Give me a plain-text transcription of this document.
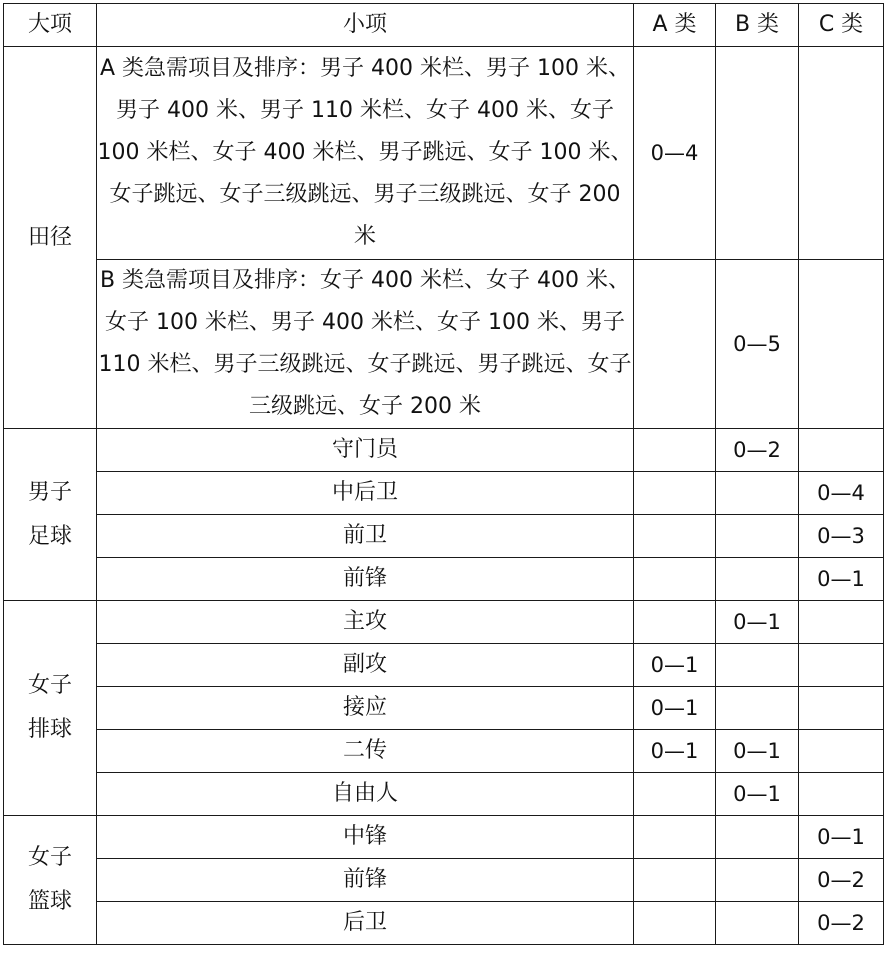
大项	小项	A 类	B 类	C 类
田径	A 类急需项目及排序：男子 400 米栏、男子 100 米、男子 400 米、男子 110 米栏、女子 400 米、女子 100 米栏、女子 400 米栏、男子跳远、女子 100 米、女子跳远、女子三级跳远、男子三级跳远、女子 200 米	0—4		
	B 类急需项目及排序：女子 400 米栏、女子 400 米、女子 100 米栏、男子 400 米栏、女子 100 米、男子 110 米栏、男子三级跳远、女子跳远、男子跳远、女子三级跳远、女子 200 米		0—5	

男子
足球	守门员		0—2	
	中后卫			0—4
	前卫			0—3
	前锋			0—1

女子
排球	主攻		0—1	
	副攻	0—1		
	接应	0—1		
	二传	0—1	0—1	
	自由人		0—1	

女子
篮球	中锋			0—1
	前锋			0—2
	后卫			0—2
